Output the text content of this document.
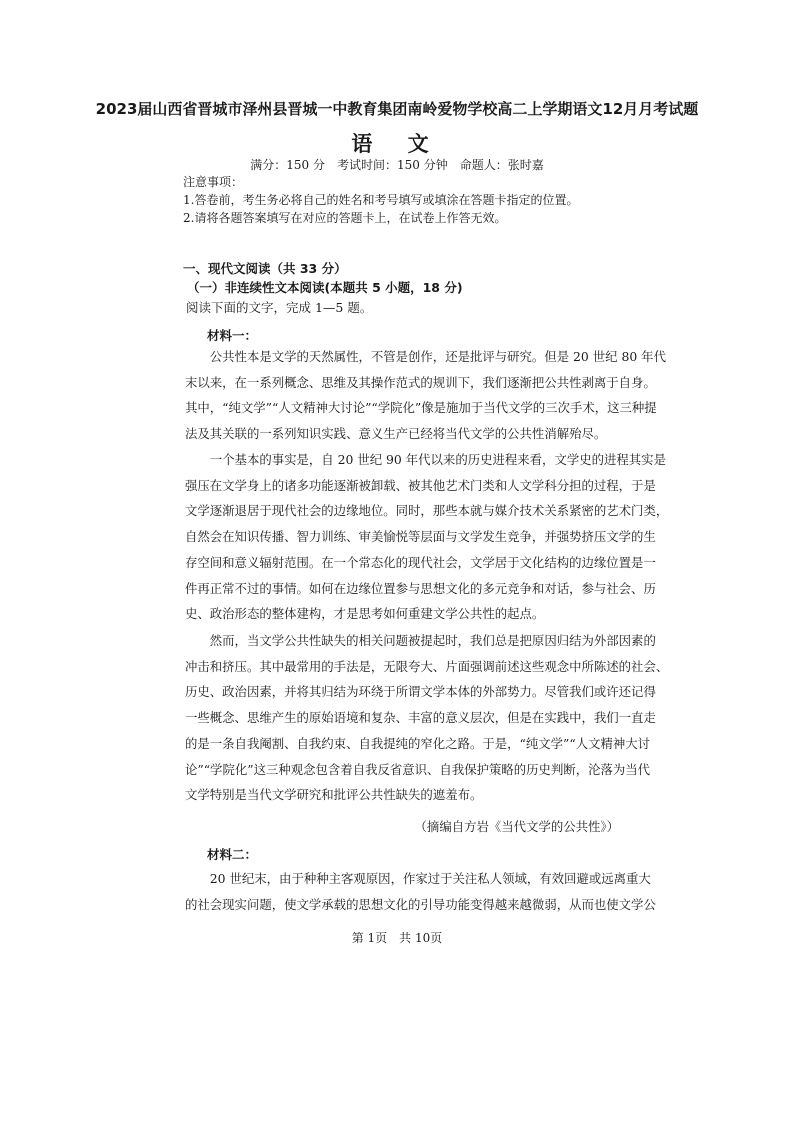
2023届山西省晋城市泽州县晋城一中教育集团南岭爱物学校高二上学期语文12月月考试题
语 文
满分：150 分　考试时间：150 分钟　命题人：张时嘉
注意事项：
1.答卷前，考生务必将自己的姓名和考号填写或填涂在答题卡指定的位置。
2.请将各题答案填写在对应的答题卡上，在试卷上作答无效。
一、现代文阅读（共 33 分）
（一）非连续性文本阅读(本题共 5 小题，18 分)
阅读下面的文字，完成 1—5 题。
材料一：

　　公共性本是文学的天然属性，不管是创作，还是批评与研究。但是 20 世纪 80 年代
末以来，在一系列概念、思维及其操作范式的规训下，我们逐渐把公共性剥离于自身。
其中，“纯文学”“人文精神大讨论”“学院化”像是施加于当代文学的三次手术，这三种提
法及其关联的一系列知识实践、意义生产已经将当代文学的公共性消解殆尽。

　　一个基本的事实是，自 20 世纪 90 年代以来的历史进程来看，文学史的进程其实是
强压在文学身上的诸多功能逐渐被卸载、被其他艺术门类和人文学科分担的过程，于是
文学逐渐退居于现代社会的边缘地位。同时，那些本就与媒介技术关系紧密的艺术门类，
自然会在知识传播、智力训练、审美愉悦等层面与文学发生竞争，并强势挤压文学的生
存空间和意义辐射范围。在一个常态化的现代社会，文学居于文化结构的边缘位置是一
件再正常不过的事情。如何在边缘位置参与思想文化的多元竞争和对话，参与社会、历
史、政治形态的整体建构，才是思考如何重建文学公共性的起点。

　　然而，当文学公共性缺失的相关问题被提起时，我们总是把原因归结为外部因素的
冲击和挤压。其中最常用的手法是，无限夸大、片面强调前述这些观念中所陈述的社会、
历史、政治因素，并将其归结为环绕于所谓文学本体的外部势力。尽管我们或许还记得
一些概念、思维产生的原始语境和复杂、丰富的意义层次，但是在实践中，我们一直走
的是一条自我阉割、自我约束、自我提纯的窄化之路。于是，“纯文学”“人文精神大讨
论”“学院化”这三种观念包含着自我反省意识、自我保护策略的历史判断，沦落为当代
文学特别是当代文学研究和批评公共性缺失的遮羞布。

（摘编自方岩《当代文学的公共性》）
材料二：

　　20 世纪末，由于种种主客观原因，作家过于关注私人领域，有效回避或远离重大
的社会现实问题，使文学承载的思想文化的引导功能变得越来越微弱，从而也使文学公

第 1页　共 10页
